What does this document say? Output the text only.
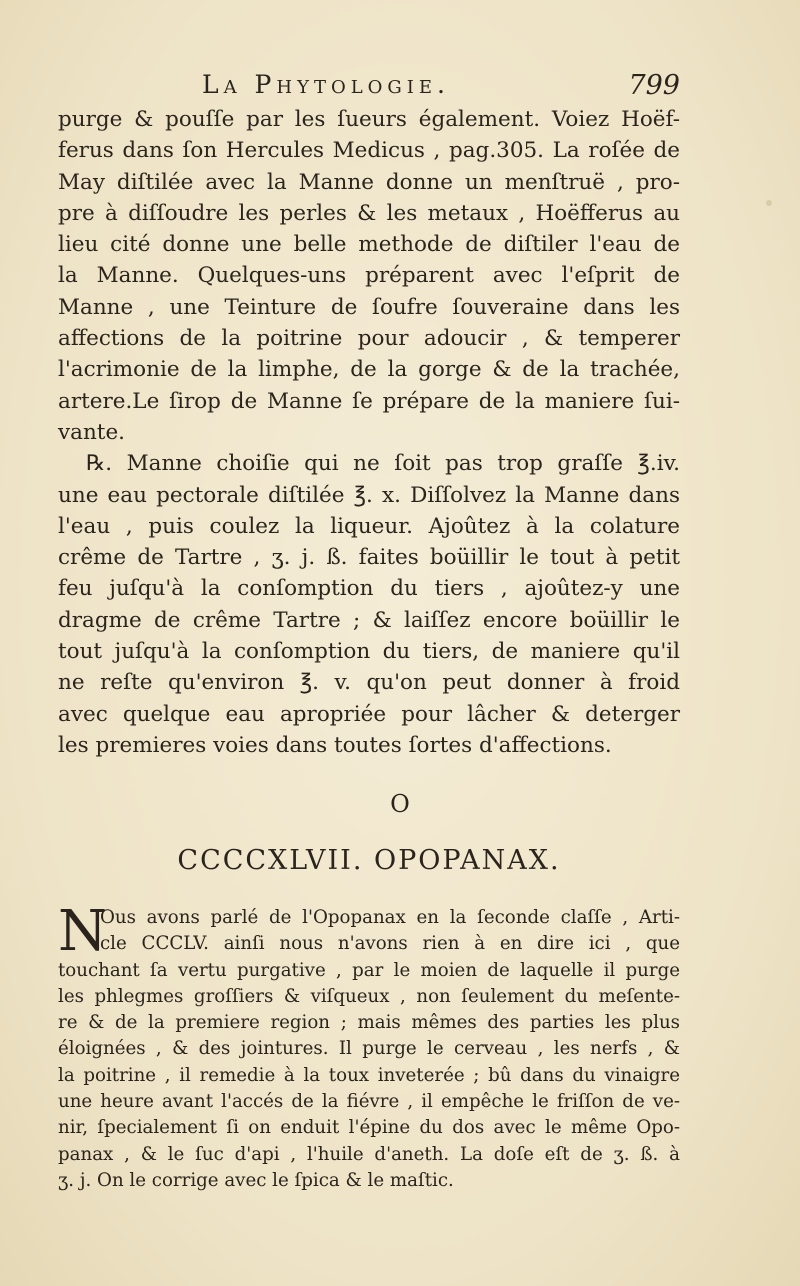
La Phytologie.	799
purge & pouſſe par les ſueurs également. Voiez Hoëf-
ferus dans ſon Hercules Medicus , pag.305. La roſée de
May diſtilée avec la Manne donne un menſtruë , pro-
pre à diſſoudre les perles & les metaux , Hoëfferus au
lieu cité donne une belle methode de diſtiler l'eau de
la Manne. Quelques-uns préparent avec l'eſprit de
Manne , une Teinture de ſoufre ſouveraine dans les
affections de la poitrine pour adoucir , & temperer
l'acrimonie de la limphe, de la gorge & de la trachée,
artere.Le ſirop de Manne ſe prépare de la maniere ſui-
vante.
℞. Manne choiſie qui ne ſoit pas trop graſſe ℥.iv.
une eau pectorale diſtilée ℥. x. Diſſolvez la Manne dans
l'eau , puis coulez la liqueur. Ajoûtez à la colature
crême de Tartre , ʒ. j. ß. faites boüillir le tout à petit
feu juſqu'à la conſomption du tiers , ajoûtez-y une
dragme de crême Tartre ; & laiſſez encore boüillir le
tout juſqu'à la conſomption du tiers, de maniere qu'il
ne reſte qu'environ ℥. v. qu'on peut donner à froid
avec quelque eau apropriée pour lâcher & deterger
les premieres voies dans toutes ſortes d'affections.
O
CCCCXLVII. OPOPANAX.
N
Ous avons parlé de l'Opopanax en la ſeconde claſſe , Arti-
cle CCCLV. ainſi nous n'avons rien à en dire ici , que
touchant ſa vertu purgative , par le moien de laquelle il purge
les phlegmes groſſiers & viſqueux , non ſeulement du meſente-
re & de la premiere region ; mais mêmes des parties les plus
éloignées , & des jointures. Il purge le cerveau , les nerfs , &
la poitrine , il remedie à la toux inveterée ; bû dans du vinaigre
une heure avant l'accés de la fiévre , il empêche le friſſon de ve-
nir, ſpecialement ſi on enduit l'épine du dos avec le même Opo-
panax , & le ſuc d'api , l'huile d'aneth. La doſe eſt de ʒ. ß. à
ʒ. j. On le corrige avec le ſpica & le maſtic.
